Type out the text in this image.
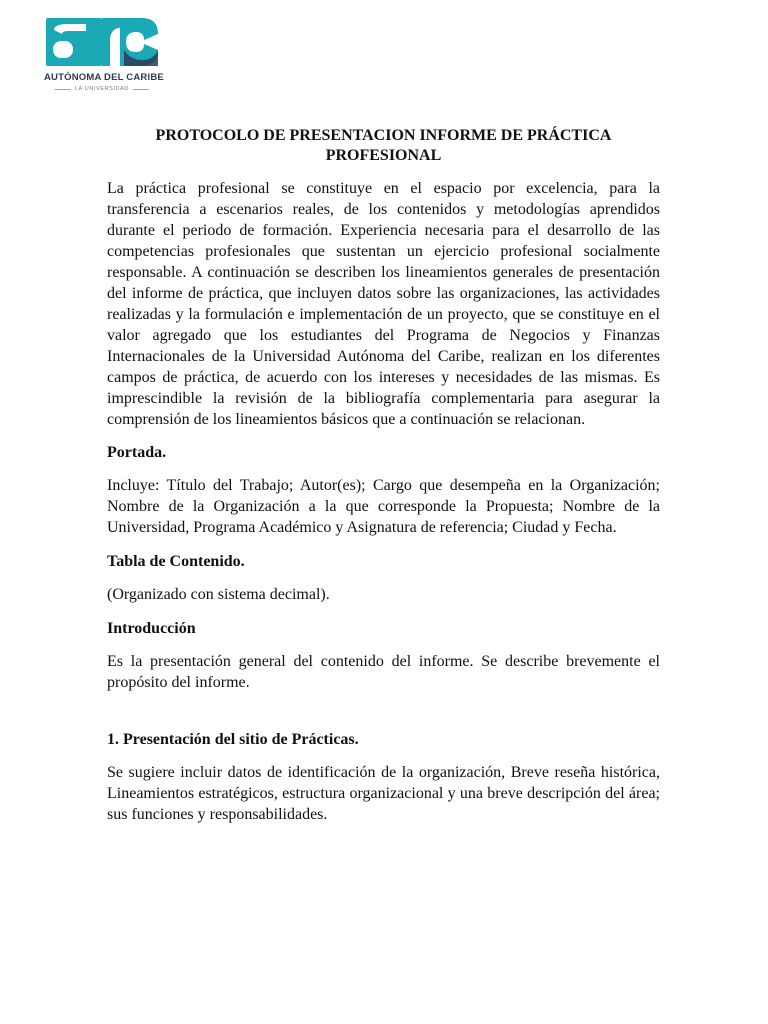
AUTÓNOMA DEL CARIBE
LA UNIVERSIDAD
PROTOCOLO DE PRESENTACION INFORME DE PRÁCTICA PROFESIONAL

La práctica profesional se constituye en el espacio por excelencia, para la transferencia a escenarios reales, de los contenidos y metodologías aprendidos durante el periodo de formación. Experiencia necesaria para el desarrollo de las competencias profesionales que sustentan un ejercicio profesional socialmente responsable. A continuación se describen los lineamientos generales de presentación del informe de práctica, que incluyen datos sobre las organizaciones, las actividades realizadas y la formulación e implementación de un proyecto, que se constituye en el valor agregado que los estudiantes del Programa de Negocios y Finanzas Internacionales de la Universidad Autónoma del Caribe, realizan en los diferentes campos de práctica, de acuerdo con los intereses y necesidades de las mismas. Es imprescindible la revisión de la bibliografía complementaria para asegurar la comprensión de los lineamientos básicos que a continuación se relacionan.

Portada.

Incluye: Título del Trabajo; Autor(es); Cargo que desempeña en la Organización; Nombre de la Organización a la que corresponde la Propuesta; Nombre de la Universidad, Programa Académico y Asignatura de referencia; Ciudad y Fecha.

Tabla de Contenido.

(Organizado con sistema decimal).

Introducción

Es la presentación general del contenido del informe. Se describe brevemente el propósito del informe.

1. Presentación del sitio de Prácticas.

Se sugiere incluir datos de identificación de la organización, Breve reseña histórica, Lineamientos estratégicos, estructura organizacional y una breve descripción del área; sus funciones y responsabilidades.
